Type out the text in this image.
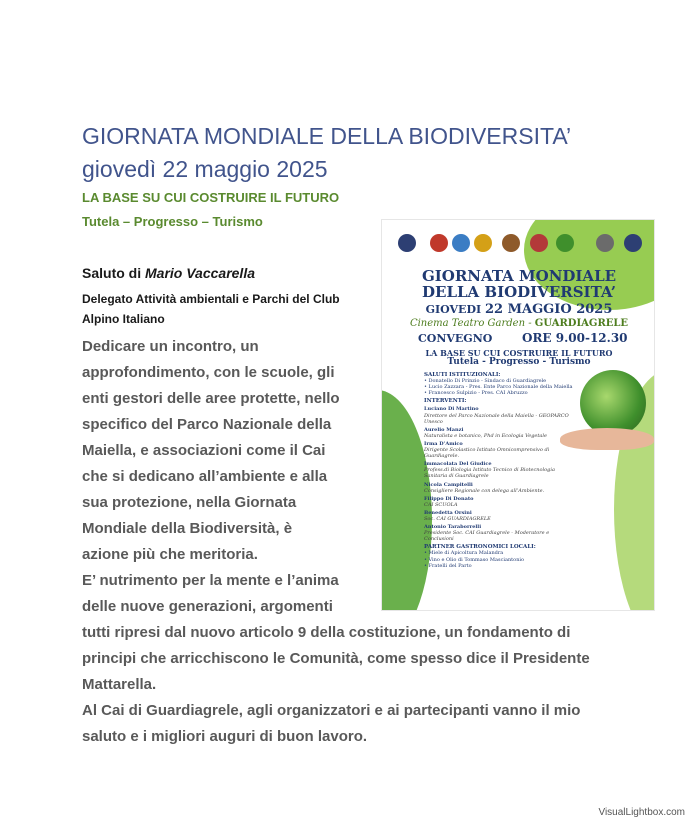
GIORNATA MONDIALE DELLA BIODIVERSITA’
giovedì 22 maggio 2025
LA BASE SU CUI COSTRUIRE IL FUTURO
Tutela – Progresso – Turismo
Saluto di Mario Vaccarella
Delegato Attività ambientali e Parchi del Club
Alpino Italiano
Dedicare un incontro, un
approfondimento, con le scuole, gli
enti gestori delle aree protette, nello
specifico del Parco Nazionale della
Maiella, e associazioni come il Cai
che si dedicano all’ambiente e alla
sua protezione, nella Giornata
Mondiale della Biodiversità, è
azione più che meritoria.
E’ nutrimento per la mente e l’anima
delle nuove generazioni, argomenti
tutti ripresi dal nuovo articolo 9 della costituzione, un fondamento di
principi che arricchiscono le Comunità, come spesso dice il Presidente
Mattarella.
Al Cai di Guardiagrele, agli organizzatori e ai partecipanti vanno il mio
saluto e i migliori auguri di buon lavoro.
GIORNATA MONDIALE
DELLA BIODIVERSITA’
GIOVEDI 22 MAGGIO 2025
Cinema Teatro Garden - GUARDIAGRELE
CONVEGNO ORE 9.00-12.30
LA BASE SU CUI COSTRUIRE IL FUTURO
Tutela - Progresso - Turismo
SALUTI ISTITUZIONALI:
• Donatello Di Prinzio - Sindaco di Guardiagrele
• Lucio Zazzara - Pres. Ente Parco Nazionale della Maiella
• Francesco Sulpizio - Pres. CAI Abruzzo
INTERVENTI:
Luciano Di Martino
Direttore del Parco Nazionale della Maiella - GEOPARCO Unesco
Aurelio Manzi
Naturalista e botanico, Phd in Ecologia Vegetale
Irma D’Amico
Dirigente Scolastico Istituto Omnicomprensivo di Guardiagrele.
Immacolata Del Giudice
Profess.di Biologia Istituto Tecnico di Biotecnologia Sanitaria di Guardiagrele
Nicola Campitelli
Consigliere Regionale con delega all’Ambiente.
Filippo Di Donato
CAI SCUOLA
Benedetta Orsini
Soc. CAI GUARDIAGRELE
Antonio Taraborrelli
Presidente Soc. CAI Guardiagrele - Moderatore e Conclusioni
PARTNER GASTRONOMICI LOCALI:
• Miele di Apicoltura Malandra
• Vino e Olio di Tommaso Masciantonio
• Fratelli del Parto
VisualLightbox.com
